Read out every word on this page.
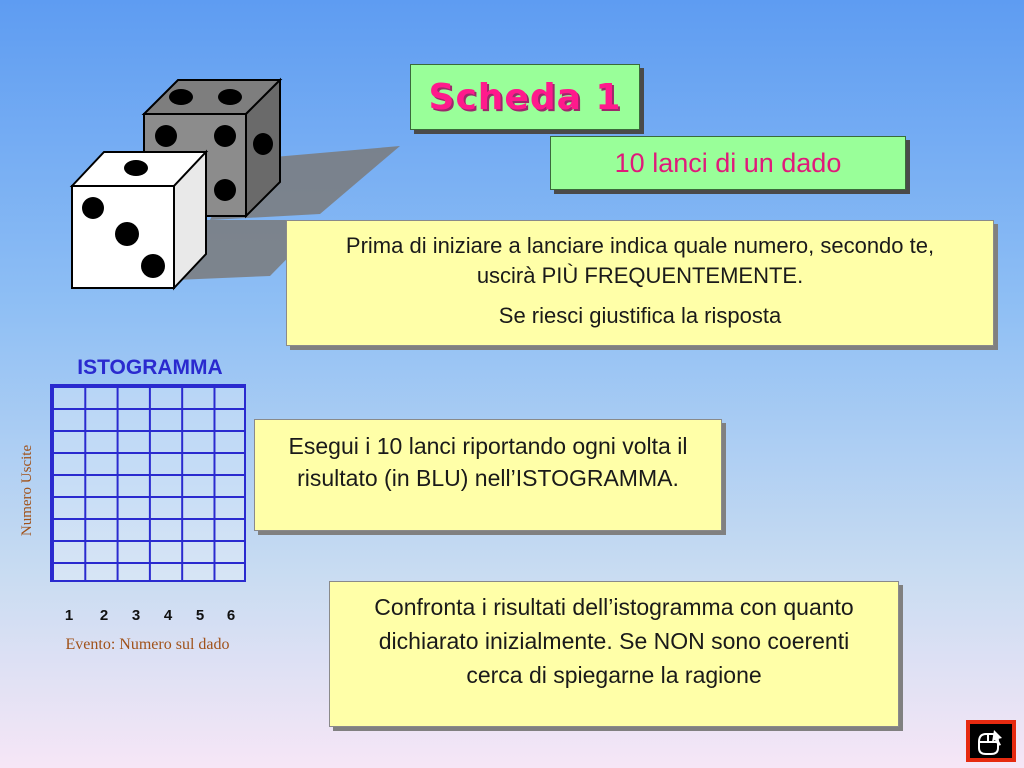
Scheda 1
10 lanci di un dado

Prima di iniziare a lanciare indica quale numero, secondo te, uscirà PIÙ FREQUENTEMENTE.

Se riesci giustifica la risposta

Esegui i 10 lanci riportando ogni volta il risultato (in BLU) nell’ISTOGRAMMA.

Confronta i risultati dell’istogramma con quanto dichiarato inizialmente. Se NON sono coerenti cerca di spiegarne la ragione

ISTOGRAMMA
Numero Uscite
1	2	3	4	5	6
Evento: Numero sul dado
